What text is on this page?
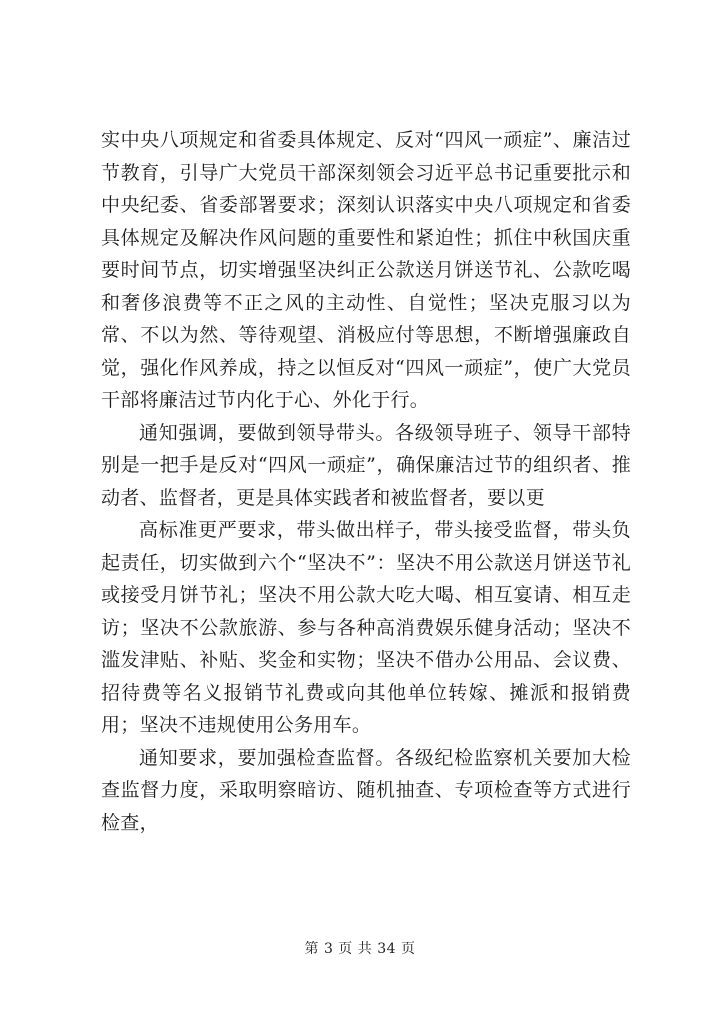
实中央八项规定和省委具体规定、反对“四风一顽症”、廉洁过节教育，引导广大党员干部深刻领会习近平总书记重要批示和中央纪委、省委部署要求；深刻认识落实中央八项规定和省委具体规定及解决作风问题的重要性和紧迫性；抓住中秋国庆重要时间节点，切实增强坚决纠正公款送月饼送节礼、公款吃喝和奢侈浪费等不正之风的主动性、自觉性；坚决克服习以为常、不以为然、等待观望、消极应付等思想，不断增强廉政自觉，强化作风养成，持之以恒反对“四风一顽症”，使广大党员干部将廉洁过节内化于心、外化于行。

通知强调，要做到领导带头。各级领导班子、领导干部特别是一把手是反对“四风一顽症”，确保廉洁过节的组织者、推动者、监督者，更是具体实践者和被监督者，要以更

高标准更严要求，带头做出样子，带头接受监督，带头负起责任，切实做到六个“坚决不”：坚决不用公款送月饼送节礼或接受月饼节礼；坚决不用公款大吃大喝、相互宴请、相互走访；坚决不公款旅游、参与各种高消费娱乐健身活动；坚决不滥发津贴、补贴、奖金和实物；坚决不借办公用品、会议费、招待费等名义报销节礼费或向其他单位转嫁、摊派和报销费用；坚决不违规使用公务用车。

通知要求，要加强检查监督。各级纪检监察机关要加大检查监督力度，采取明察暗访、随机抽查、专项检查等方式进行检查，

第 3 页 共 34 页
